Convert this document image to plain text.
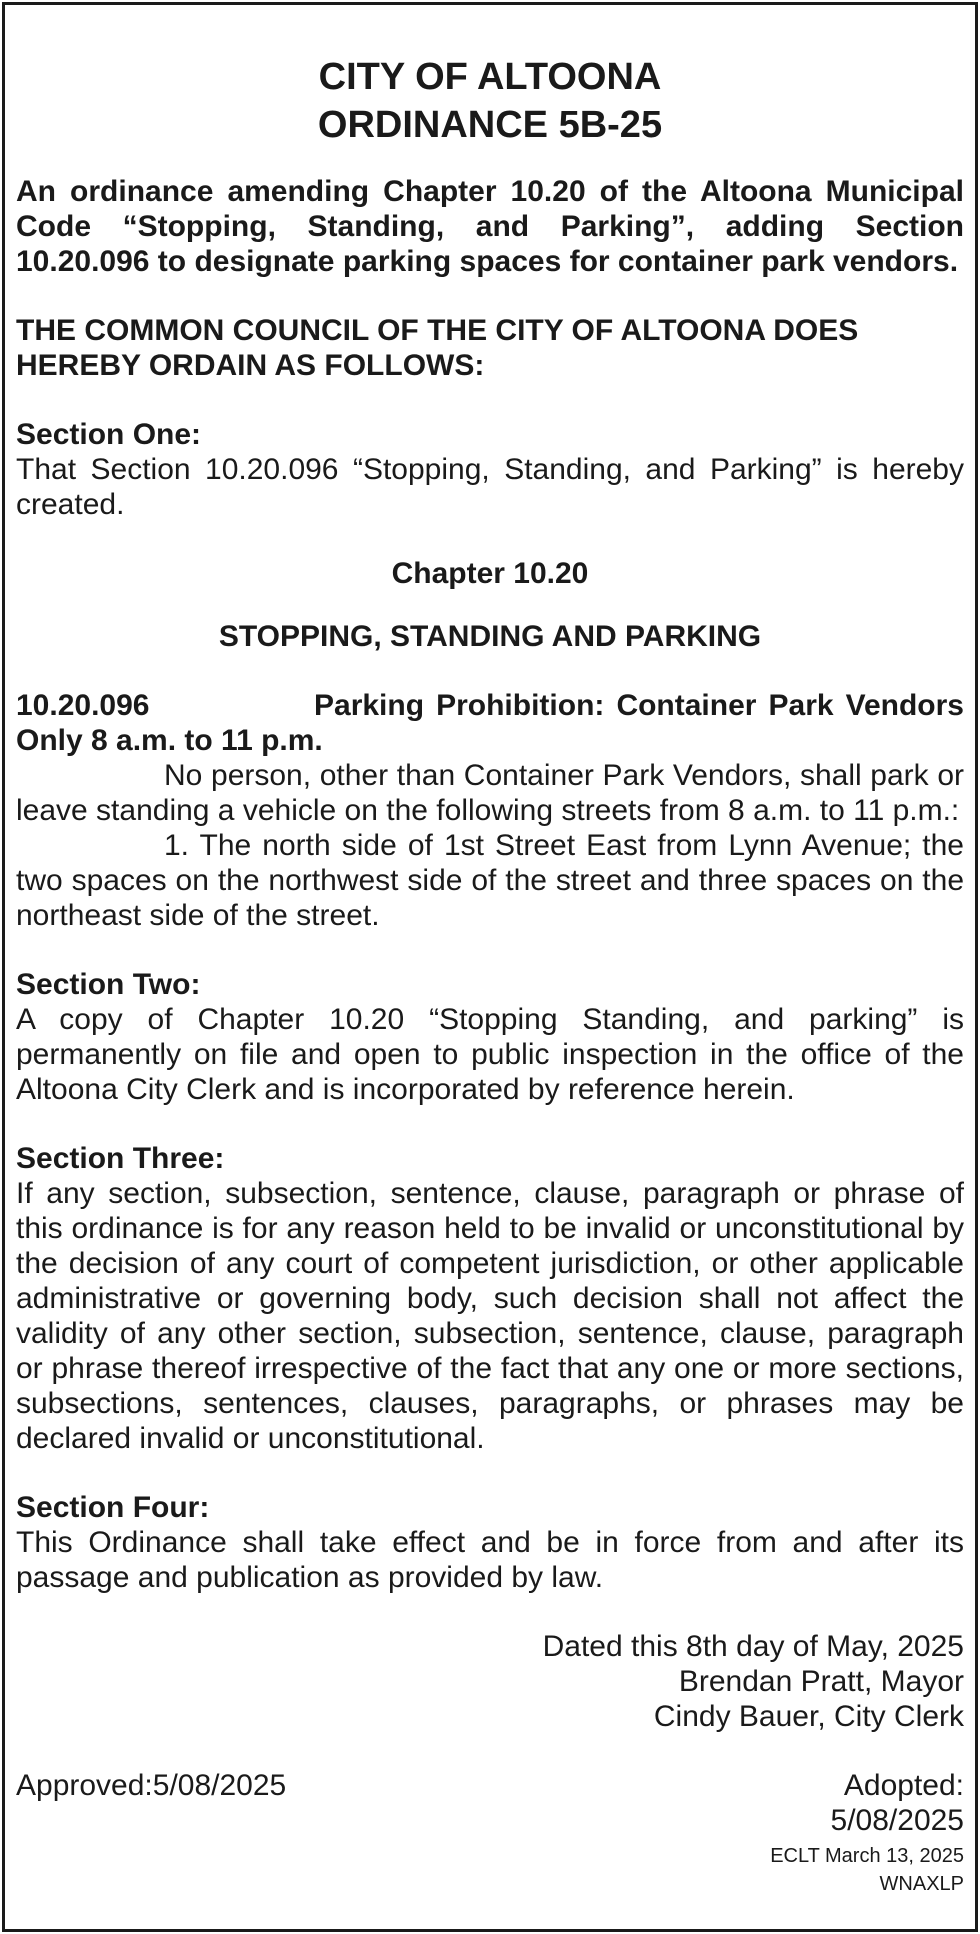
CITY OF ALTOONA
ORDINANCE 5B-25

An ordinance amending Chapter 10.20 of the Altoona Municipal Code “Stopping, Standing, and Parking”, adding Section 10.20.096 to designate parking spaces for container park vendors.

THE COMMON COUNCIL OF THE CITY OF ALTOONA DOES HEREBY ORDAIN AS FOLLOWS:

Section One:

That Section 10.20.096 “Stopping, Standing, and Parking” is hereby created.

Chapter 10.20

STOPPING, STANDING AND PARKING

10.20.096	Parking Prohibition: Container Park Vendors Only 8 a.m. to 11 p.m.

No person, other than Container Park Vendors, shall park or leave standing a vehicle on the following streets from 8 a.m. to 11 p.m.:

1. The north side of 1st Street East from Lynn Avenue; the two spaces on the northwest side of the street and three spaces on the northeast side of the street.

Section Two:

A copy of Chapter 10.20 “Stopping Standing, and parking” is permanently on file and open to public inspection in the office of the Altoona City Clerk and is incorporated by reference herein.

Section Three:

If any section, subsection, sentence, clause, paragraph or phrase of this ordinance is for any reason held to be invalid or unconstitutional by the decision of any court of competent jurisdiction, or other applicable administrative or governing body, such decision shall not affect the validity of any other section, subsection, sentence, clause, paragraph or phrase thereof irrespective of the fact that any one or more sections, subsections, sentences, clauses, paragraphs, or phrases may be declared invalid or unconstitutional.

Section Four:

This Ordinance shall take effect and be in force from and after its passage and publication as provided by law.

Dated this 8th day of May, 2025
Brendan Pratt, Mayor
Cindy Bauer, City Clerk
Approved:5/08/2025	Adopted:
5/08/2025
ECLT March 13, 2025
WNAXLP
